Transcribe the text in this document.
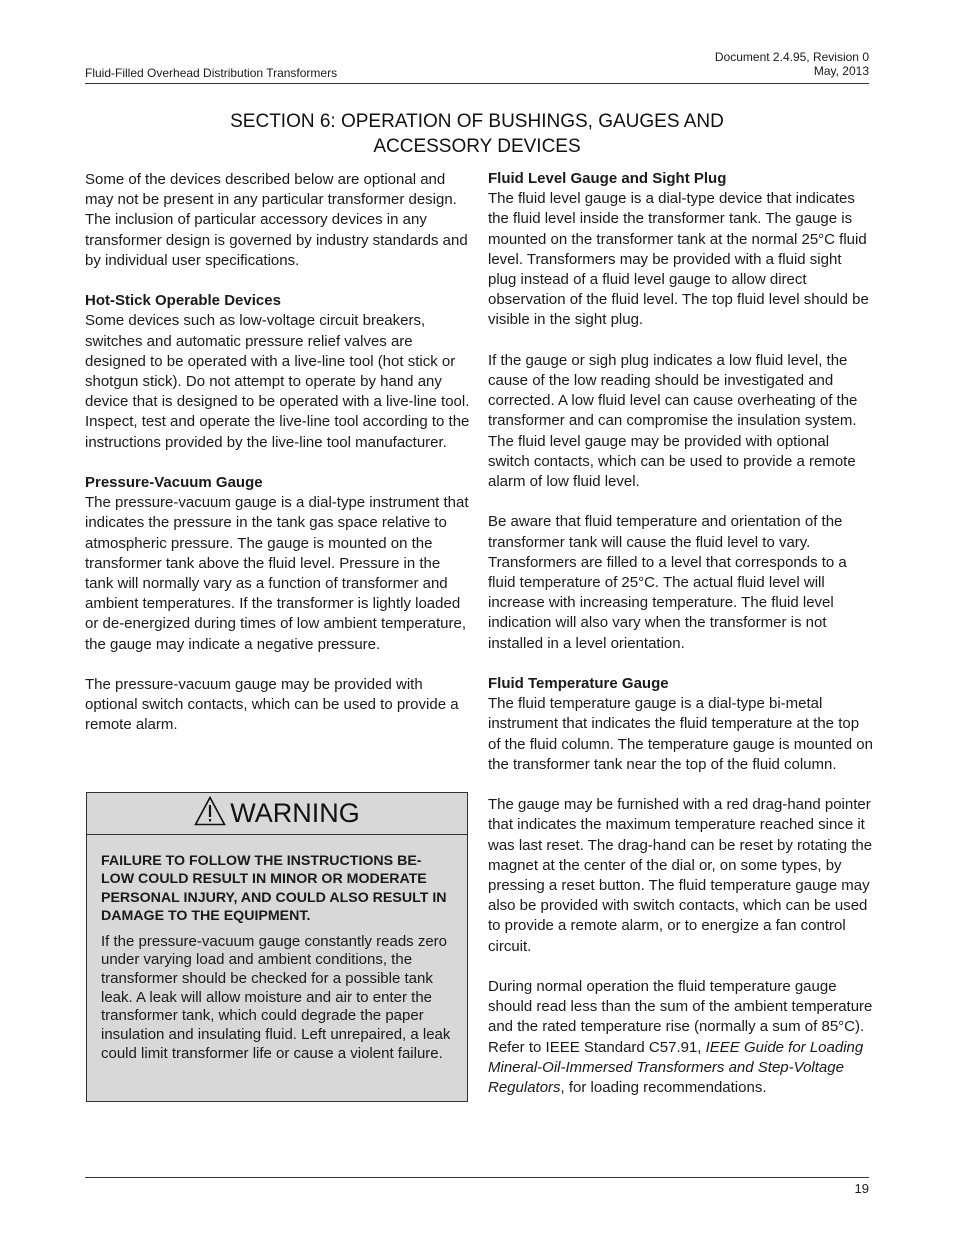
Fluid-Filled Overhead Distribution Transformers
Document 2.4.95, Revision 0
May, 2013
SECTION 6: OPERATION OF BUSHINGS, GAUGES AND
ACCESSORY DEVICES

Some of the devices described below are optional and may not be present in any particular transformer design. The inclusion of particular accessory devices in any transformer design is governed by industry standards and by individual user specifications.

Hot-Stick Operable Devices

Some devices such as low-voltage circuit breakers, switches and automatic pressure relief valves are designed to be operated with a live-line tool (hot stick or shotgun stick). Do not attempt to operate by hand any device that is designed to be operated with a live-line tool. Inspect, test and operate the live-line tool according to the instructions provided by the live-line tool manufacturer.

Pressure-Vacuum Gauge

The pressure-vacuum gauge is a dial-type instrument that indicates the pressure in the tank gas space relative to atmospheric pressure. The gauge is mounted on the transformer tank above the fluid level. Pressure in the tank will normally vary as a function of transformer and ambient temperatures. If the transformer is lightly loaded or de-energized during times of low ambient temperature, the gauge may indicate a negative pressure.

The pressure-vacuum gauge may be provided with optional switch contacts, which can be used to provide a remote alarm.

WARNING

FAILURE TO FOLLOW THE INSTRUCTIONS BE-LOW COULD RESULT IN MINOR OR MODERATE PERSONAL INJURY, AND COULD ALSO RESULT IN DAMAGE TO THE EQUIPMENT.

If the pressure-vacuum gauge constantly reads zero under varying load and ambient conditions, the transformer should be checked for a possible tank leak. A leak will allow moisture and air to enter the transformer tank, which could degrade the paper insulation and insulating fluid. Left unrepaired, a leak could limit transformer life or cause a violent failure.

Fluid Level Gauge and Sight Plug

The fluid level gauge is a dial-type device that indicates the fluid level inside the transformer tank. The gauge is mounted on the transformer tank at the normal 25°C fluid level. Transformers may be provided with a fluid sight plug instead of a fluid level gauge to allow direct observation of the fluid level. The top fluid level should be visible in the sight plug.

If the gauge or sigh plug indicates a low fluid level, the cause of the low reading should be investigated and corrected. A low fluid level can cause overheating of the transformer and can compromise the insulation system. The fluid level gauge may be provided with optional switch contacts, which can be used to provide a remote alarm of low fluid level.

Be aware that fluid temperature and orientation of the transformer tank will cause the fluid level to vary. Transformers are filled to a level that corresponds to a fluid temperature of 25°C. The actual fluid level will increase with increasing temperature. The fluid level indication will also vary when the transformer is not installed in a level orientation.

Fluid Temperature Gauge

The fluid temperature gauge is a dial-type bi-metal instrument that indicates the fluid temperature at the top of the fluid column. The temperature gauge is mounted on the transformer tank near the top of the fluid column.

The gauge may be furnished with a red drag-hand pointer that indicates the maximum temperature reached since it was last reset. The drag-hand can be reset by rotating the magnet at the center of the dial or, on some types, by pressing a reset button. The fluid temperature gauge may also be provided with switch contacts, which can be used to provide a remote alarm, or to energize a fan control circuit.

During normal operation the fluid temperature gauge should read less than the sum of the ambient temperature and the rated temperature rise (normally a sum of 85°C). Refer to IEEE Standard C57.91, IEEE Guide for Loading Mineral-Oil-Immersed Transformers and Step-Voltage Regulators, for loading recommendations.

19
